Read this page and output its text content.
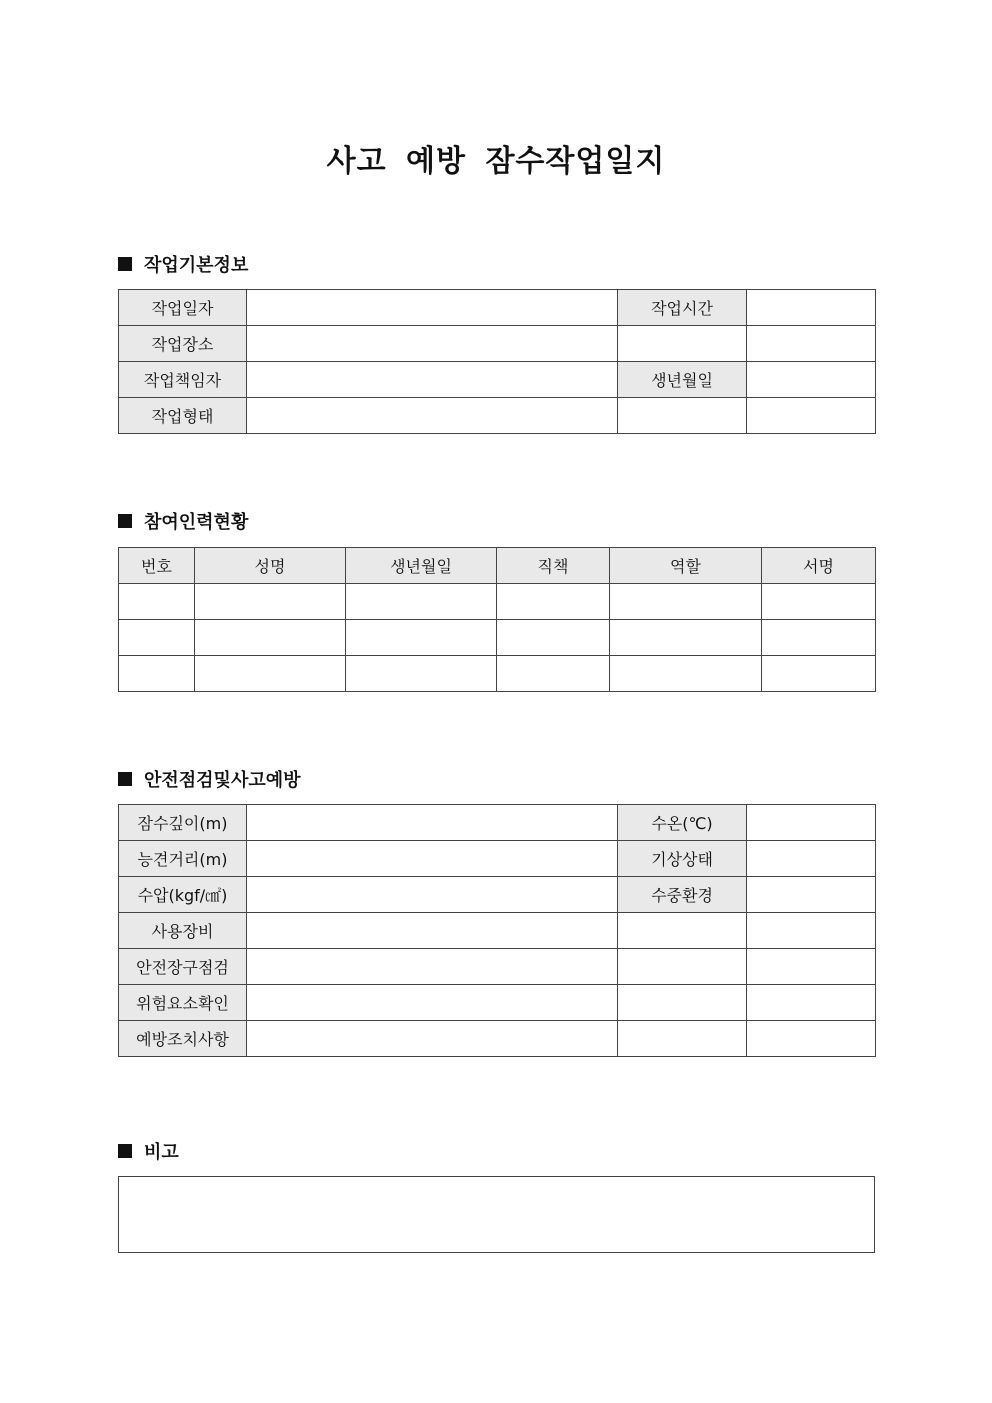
사고 예방 잠수작업일지
작업기본정보
작업일자		작업시간	
작업장소			
작업책임자		생년월일	
작업형태			
참여인력현황
번호	성명	생년월일	직책	역할	서명

안전점검및사고예방
잠수깊이(m)		수온(℃)	
능견거리(m)		기상상태	
수압(kgf/㎠)		수중환경	
사용장비			
안전장구점검			
위험요소확인			
예방조치사항			
비고
